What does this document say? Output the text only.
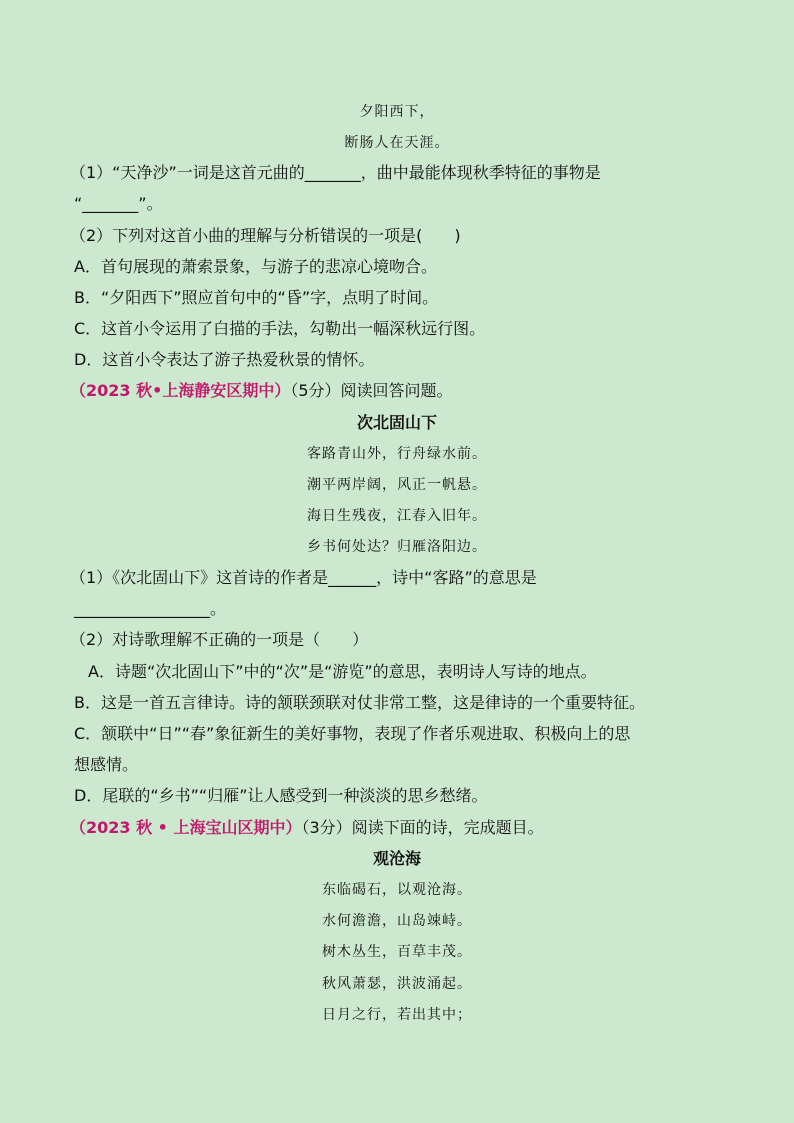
夕阳西下，
断肠人在天涯。
（1）“天净沙”一词是这首元曲的_______，曲中最能体现秋季特征的事物是
“_______”。
（2）下列对这首小曲的理解与分析错误的一项是(　　)
A．首句展现的萧索景象，与游子的悲凉心境吻合。
B．“夕阳西下”照应首句中的“昏”字，点明了时间。
C．这首小令运用了白描的手法，勾勒出一幅深秋远行图。
D．这首小令表达了游子热爱秋景的情怀。
（2023 秋•上海静安区期中）（5分）阅读回答问题。
次北固山下
客路青山外，行舟绿水前。
潮平两岸阔，风正一帆悬。
海日生残夜，江春入旧年。
乡书何处达？归雁洛阳边。
（1）《次北固山下》这首诗的作者是______，诗中“客路”的意思是
_________________。
（2）对诗歌理解不正确的一项是（　　）
A．诗题“次北固山下”中的“次”是“游览”的意思，表明诗人写诗的地点。
B．这是一首五言律诗。诗的颔联颈联对仗非常工整，这是律诗的一个重要特征。
C．颔联中“日”“春”象征新生的美好事物，表现了作者乐观进取、积极向上的思
想感情。
D．尾联的“乡书”“归雁”让人感受到一种淡淡的思乡愁绪。
（2023 秋 • 上海宝山区期中）（3分）阅读下面的诗，完成题目。
观沧海
东临碣石，以观沧海。
水何澹澹，山岛竦峙。
树木丛生，百草丰茂。
秋风萧瑟，洪波涌起。
日月之行，若出其中；
